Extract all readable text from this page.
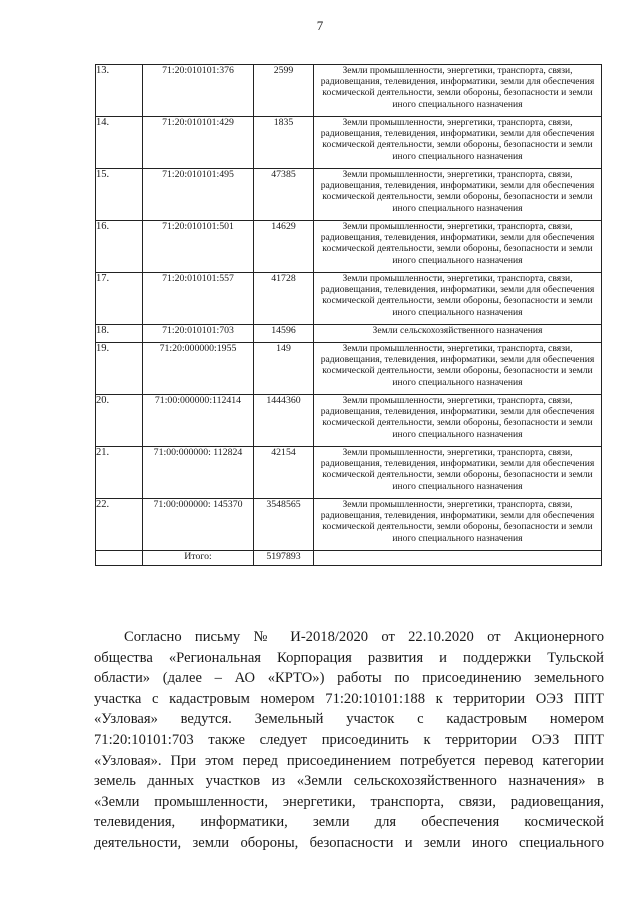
7
13.	71:20:010101:376	2599	Земли промышленности, энергетики, транспорта, связи, радиовещания, телевидения, информатики, земли для обеспечения космической деятельности, земли обороны, безопасности и земли иного специального назначения
14.	71:20:010101:429	1835	Земли промышленности, энергетики, транспорта, связи, радиовещания, телевидения, информатики, земли для обеспечения космической деятельности, земли обороны, безопасности и земли иного специального назначения
15.	71:20:010101:495	47385	Земли промышленности, энергетики, транспорта, связи, радиовещания, телевидения, информатики, земли для обеспечения космической деятельности, земли обороны, безопасности и земли иного специального назначения
16.	71:20:010101:501	14629	Земли промышленности, энергетики, транспорта, связи, радиовещания, телевидения, информатики, земли для обеспечения космической деятельности, земли обороны, безопасности и земли иного специального назначения
17.	71:20:010101:557	41728	Земли промышленности, энергетики, транспорта, связи, радиовещания, телевидения, информатики, земли для обеспечения космической деятельности, земли обороны, безопасности и земли иного специального назначения
18.	71:20:010101:703	14596	Земли сельскохозяйственного назначения
19.	71:20:000000:1955	149	Земли промышленности, энергетики, транспорта, связи, радиовещания, телевидения, информатики, земли для обеспечения космической деятельности, земли обороны, безопасности и земли иного специального назначения
20.	71:00:000000:112414	1444360	Земли промышленности, энергетики, транспорта, связи, радиовещания, телевидения, информатики, земли для обеспечения космической деятельности, земли обороны, безопасности и земли иного специального назначения
21.	71:00:000000: 112824	42154	Земли промышленности, энергетики, транспорта, связи, радиовещания, телевидения, информатики, земли для обеспечения космической деятельности, земли обороны, безопасности и земли иного специального назначения
22.	71:00:000000: 145370	3548565	Земли промышленности, энергетики, транспорта, связи, радиовещания, телевидения, информатики, земли для обеспечения космической деятельности, земли обороны, безопасности и земли иного специального назначения
	Итого:	5197893	
Согласно письму № И-2018/2020 от 22.10.2020 от Акционерного
общества «Региональная Корпорация развития и поддержки Тульской
области» (далее – АО «КРТО») работы по присоединению земельного
участка с кадастровым номером 71:20:10101:188 к территории ОЭЗ ППТ
«Узловая» ведутся. Земельный участок с кадастровым номером
71:20:10101:703 также следует присоединить к территории ОЭЗ ППТ
«Узловая». При этом перед присоединением потребуется перевод категории
земель данных участков из «Земли сельскохозяйственного назначения» в
«Земли промышленности, энергетики, транспорта, связи, радиовещания,
телевидения, информатики, земли для обеспечения космической
деятельности, земли обороны, безопасности и земли иного специального
